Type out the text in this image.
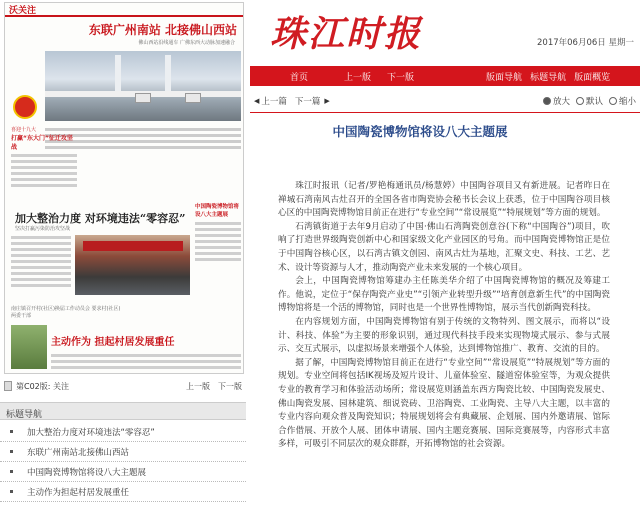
沃关注
东联广州南站 北接佛山西站
佛山西站沿线通车 广佛东西大动脉加速融合
喜迎十九大
打赢“东大门”征迁攻坚战
加大整治力度 对环境违法“零容忍”
坚决打赢污染防治攻坚战
中国陶瓷博物馆将设八大主题展
南庄镇召开村(社区)换届工作动员会 要求村(社区)两委干部
主动作为 担起村居发展重任
第C02版: 关注	上一版 下一版
标题导航
加大整治力度对环境违法“零容忍”
东联广州南站北接佛山西站
中国陶瓷博物馆将设八大主题展
主动作为担起村居发展重任
珠江时报	2017年06月06日 星期一
首页	上一版 下一版	版面导航 标题导航 版面概览
◀ 上一篇 下一篇 ▶	放大 默认 缩小
中国陶瓷博物馆将设八大主题展

珠江时报讯（记者/罗艳梅通讯员/杨慧婷）中国陶谷项目又有新进展。记者昨日在禅城石湾南风古灶召开的全国各省市陶瓷协会秘书长会议上获悉，位于中国陶谷项目核心区的中国陶瓷博物馆目前正在进行“专业空间”“常设展览”“特展规划”等方面的规划。

石湾镇街道于去年9月启动了中国·佛山石湾陶瓷创意谷(下称“中国陶谷”)项目，吹响了打造世界级陶瓷创新中心和国家级文化产业园区的号角。而中国陶瓷博物馆正是位于中国陶谷核心区，以石湾古镇文创园、南风古灶为基地，汇聚文史、科技、工艺、艺术、设计等资源与人才，推动陶瓷产业未来发展的一个核心项目。

会上，中国陶瓷博物馆筹建办主任陈美华介绍了中国陶瓷博物馆的概况及筹建工作。他说，定位于“保存陶瓷产业史”“引领产业转型升级”“培育创意新生代”的中国陶瓷博物馆将是一个活的博物馆，同时也是一个世界性博物馆，展示当代创新陶瓷科技。

在内容规划方面，中国陶瓷博物馆有别于传统的文物特列、图文展示，而将以“设计、科技、体验”为主要的形象识别，通过现代科技手段来实现物境式展示、参与式展示、交互式展示，以虚拟场景来增强个人体验，达到博物馆推广、教育、交流的目的。

据了解，中国陶瓷博物馆目前正在进行“专业空间”“常设展览”“特展规划”等方面的规划。专业空间将包括IK视场及短片设计、儿童体验室、隧道窑体验室等，为观众提供专业的教育学习和体验活动场所；常设展览则涵盖东西方陶瓷比较、中国陶瓷发展史、佛山陶瓷发展、园林建筑、细说瓷砖、卫浴陶瓷、工业陶瓷、主导八大主题，以丰富的专业内容向观众普及陶瓷知识；特展规划将会有典藏展、企划展、国内外邀请展、馆际合作借展、开放个人展、团体申请展、国内主题竞赛展、国际竞赛展等，内容形式丰富多样，可吸引不同层次的观众群群，开拓博物馆的社会资源。
